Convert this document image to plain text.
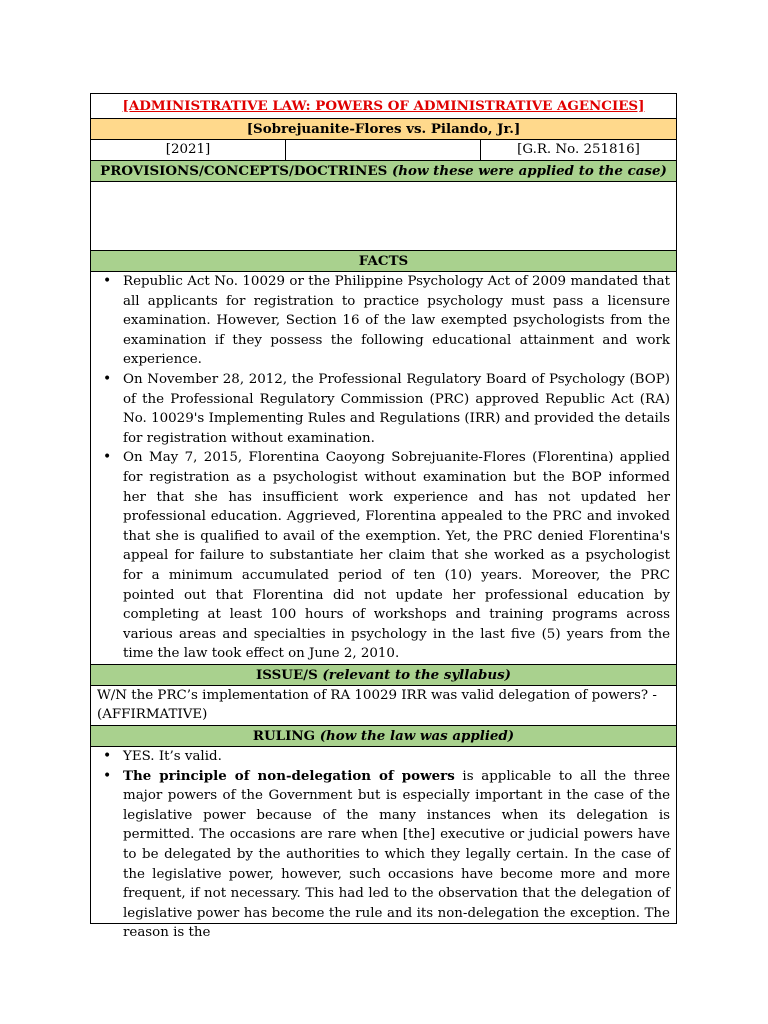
[ADMINISTRATIVE LAW: POWERS OF ADMINISTRATIVE AGENCIES]
[Sobrejuanite-Flores vs. Pilando, Jr.]
[2021]		[G.R. No. 251816]
PROVISIONS/CONCEPTS/DOCTRINES (how these were applied to the case)

FACTS

• Republic Act No. 10029 or the Philippine Psychology Act of 2009 mandated that all applicants for registration to practice psychology must pass a licensure examination. However, Section 16 of the law exempted psychologists from the examination if they possess the following educational attainment and work experience.
• On November 28, 2012, the Professional Regulatory Board of Psychology (BOP) of the Professional Regulatory Commission (PRC) approved Republic Act (RA) No. 10029's Implementing Rules and Regulations (IRR) and provided the details for registration without examination.
• On May 7, 2015, Florentina Caoyong Sobrejuanite-Flores (Florentina) applied for registration as a psychologist without examination but the BOP informed her that she has insufficient work experience and has not updated her professional education. Aggrieved, Florentina appealed to the PRC and invoked that she is qualified to avail of the exemption. Yet, the PRC denied Florentina's appeal for failure to substantiate her claim that she worked as a psychologist for a minimum accumulated period of ten (10) years. Moreover, the PRC pointed out that Florentina did not update her professional education by completing at least 100 hours of workshops and training programs across various areas and specialties in psychology in the last five (5) years from the time the law took effect on June 2, 2010.

ISSUE/S (relevant to the syllabus)
W/N the PRC’s implementation of RA 10029 IRR was valid delegation of powers? - (AFFIRMATIVE)
RULING (how the law was applied)

• YES. It’s valid.
• The principle of non-delegation of powers is applicable to all the three major powers of the Government but is especially important in the case of the legislative power because of the many instances when its delegation is permitted. The occasions are rare when [the] executive or judicial powers have to be delegated by the authorities to which they legally certain. In the case of the legislative power, however, such occasions have become more and more frequent, if not necessary. This had led to the observation that the delegation of legislative power has become the rule and its non-delegation the exception. The reason is the
